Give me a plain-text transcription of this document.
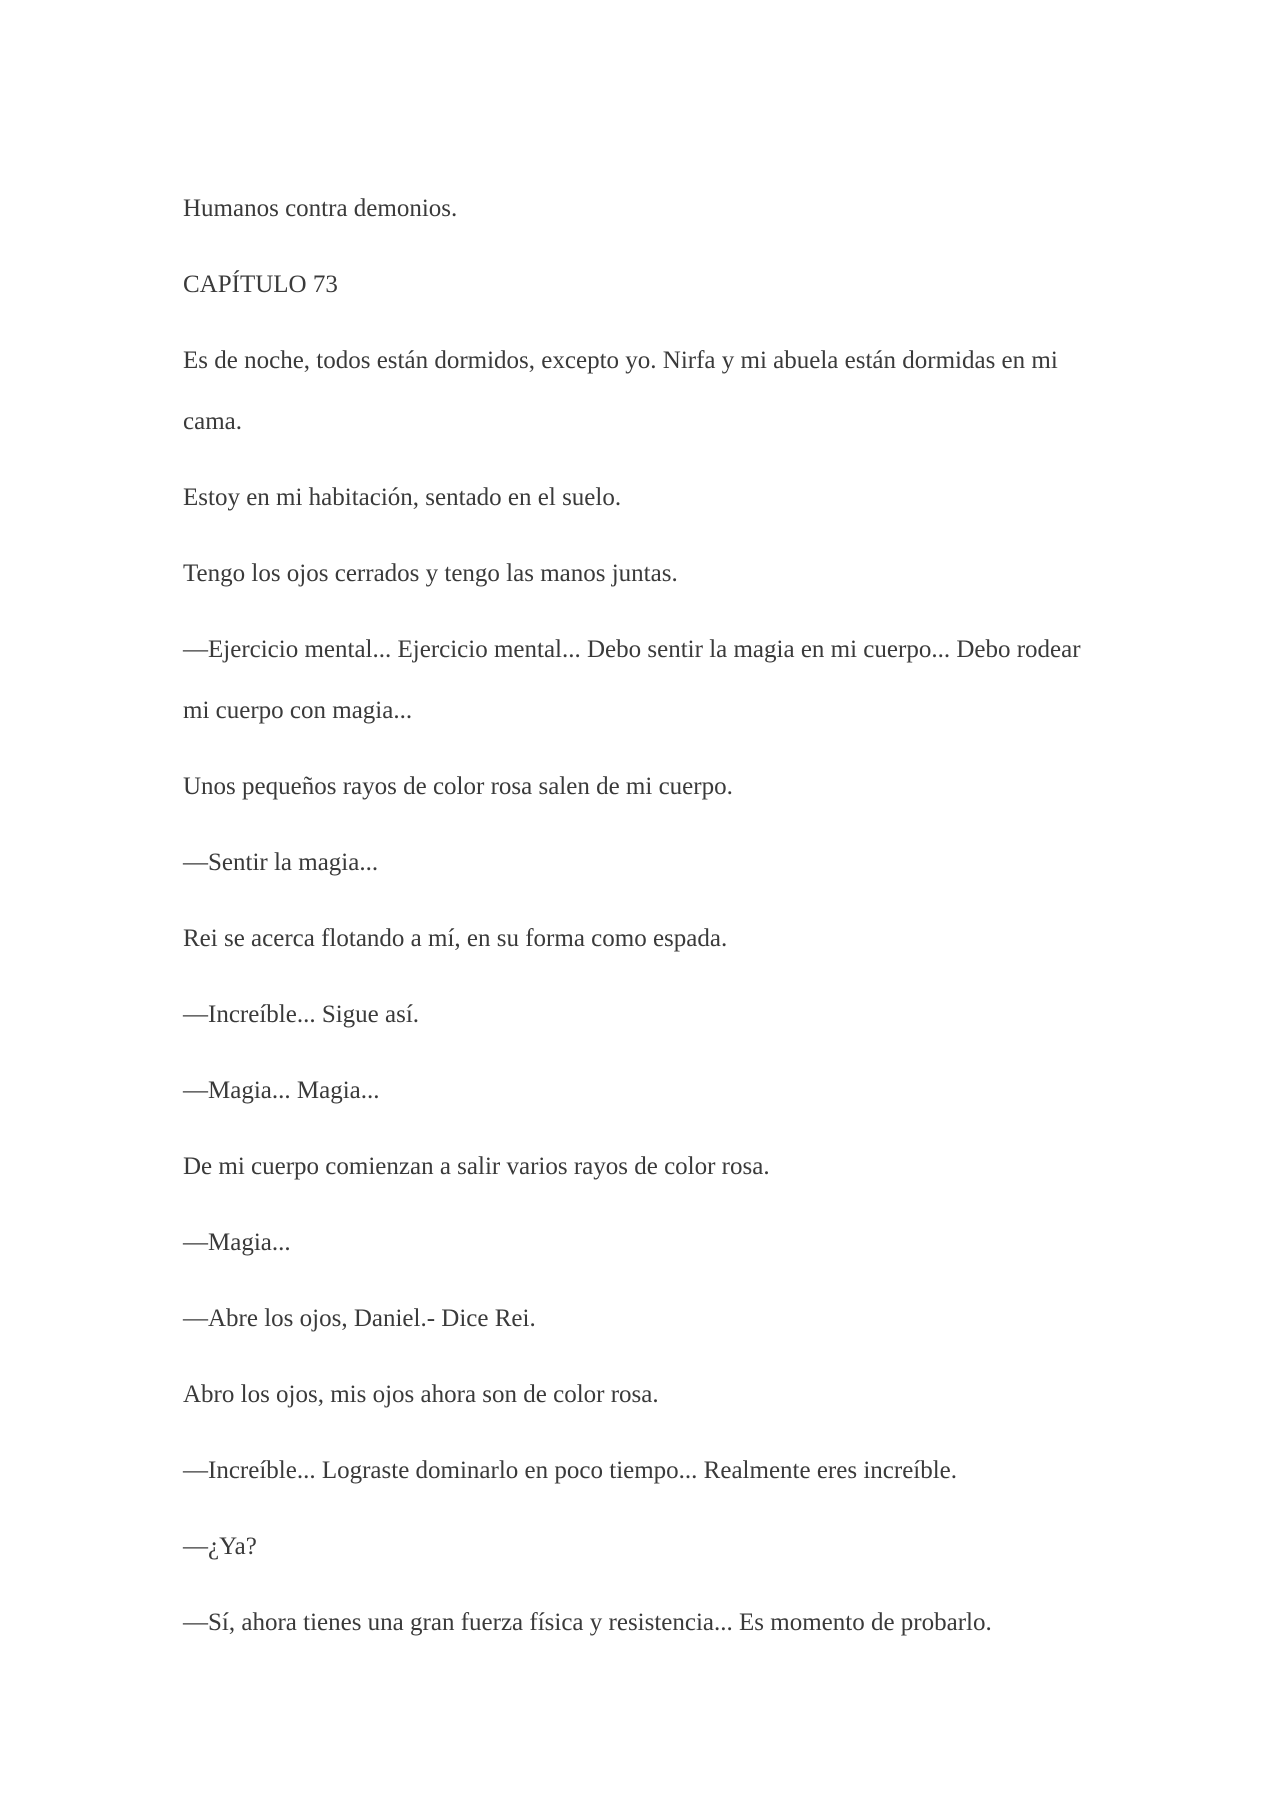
Humanos contra demonios.

CAPÍTULO 73

Es de noche, todos están dormidos, excepto yo. Nirfa y mi abuela están dormidas en mi cama.

Estoy en mi habitación, sentado en el suelo.

Tengo los ojos cerrados y tengo las manos juntas.

—Ejercicio mental... Ejercicio mental... Debo sentir la magia en mi cuerpo... Debo rodear mi cuerpo con magia...

Unos pequeños rayos de color rosa salen de mi cuerpo.

—Sentir la magia...

Rei se acerca flotando a mí, en su forma como espada.

—Increíble... Sigue así.

—Magia... Magia...

De mi cuerpo comienzan a salir varios rayos de color rosa.

—Magia...

—Abre los ojos, Daniel.- Dice Rei.

Abro los ojos, mis ojos ahora son de color rosa.

—Increíble... Lograste dominarlo en poco tiempo... Realmente eres increíble.

—¿Ya?

—Sí, ahora tienes una gran fuerza física y resistencia... Es momento de probarlo.
